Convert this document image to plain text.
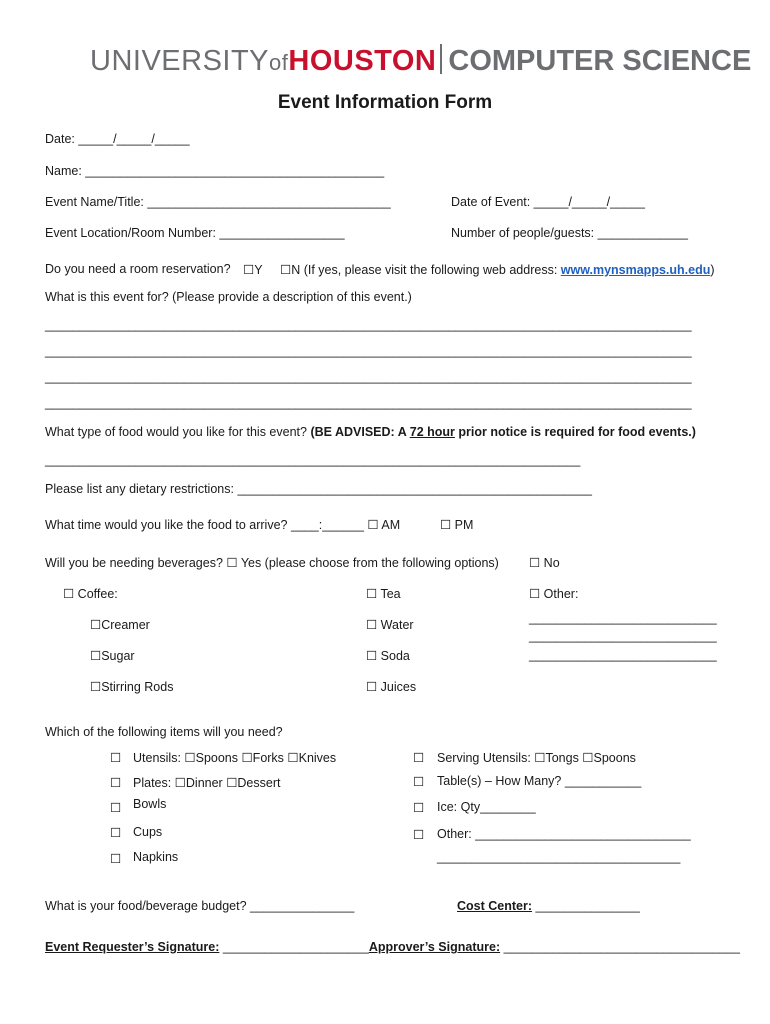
UNIVERSITYofHOUSTON COMPUTER SCIENCE
Event Information Form
Date: _____/_____/_____
Name: ___________________________________________
Event Name/Title: ___________________________________	Date of Event: _____/_____/_____
Event Location/Room Number: __________________	Number of people/guests: _____________
Do you need a room reservation? ☐Y ☐N (If yes, please visit the following web address: www.mynsmapps.uh.edu)
What is this event for? (Please provide a description of this event.)
_____________________________________________________________________________________________
_____________________________________________________________________________________________
_____________________________________________________________________________________________
_____________________________________________________________________________________________
What type of food would you like for this event? (BE ADVISED: A 72 hour prior notice is required for food events.)
_____________________________________________________________________________
Please list any dietary restrictions: ___________________________________________________
What time would you like the food to arrive? ____:______ ☐ AM	☐ PM
Will you be needing beverages? ☐ Yes (please choose from the following options) ☐ No
☐ Coffee:
☐Creamer
☐Sugar
☐Stirring Rods
☐ Tea
☐ Water
☐ Soda
☐ Juices
☐ Other:
___________________________
___________________________
___________________________
Which of the following items will you need?
☐ Utensils: ☐Spoons ☐Forks ☐Knives
☐ Plates: ☐Dinner ☐Dessert
☐ Bowls
☐ Cups
☐ Napkins
☐ Serving Utensils: ☐Tongs ☐Spoons
☐ Table(s) – How Many? ___________
☐ Ice: Qty________
☐ Other: _______________________________
___________________________________
What is your food/beverage budget? _______________	Cost Center: _______________
Event Requester’s Signature: _____________________Approver’s Signature: __________________________________
